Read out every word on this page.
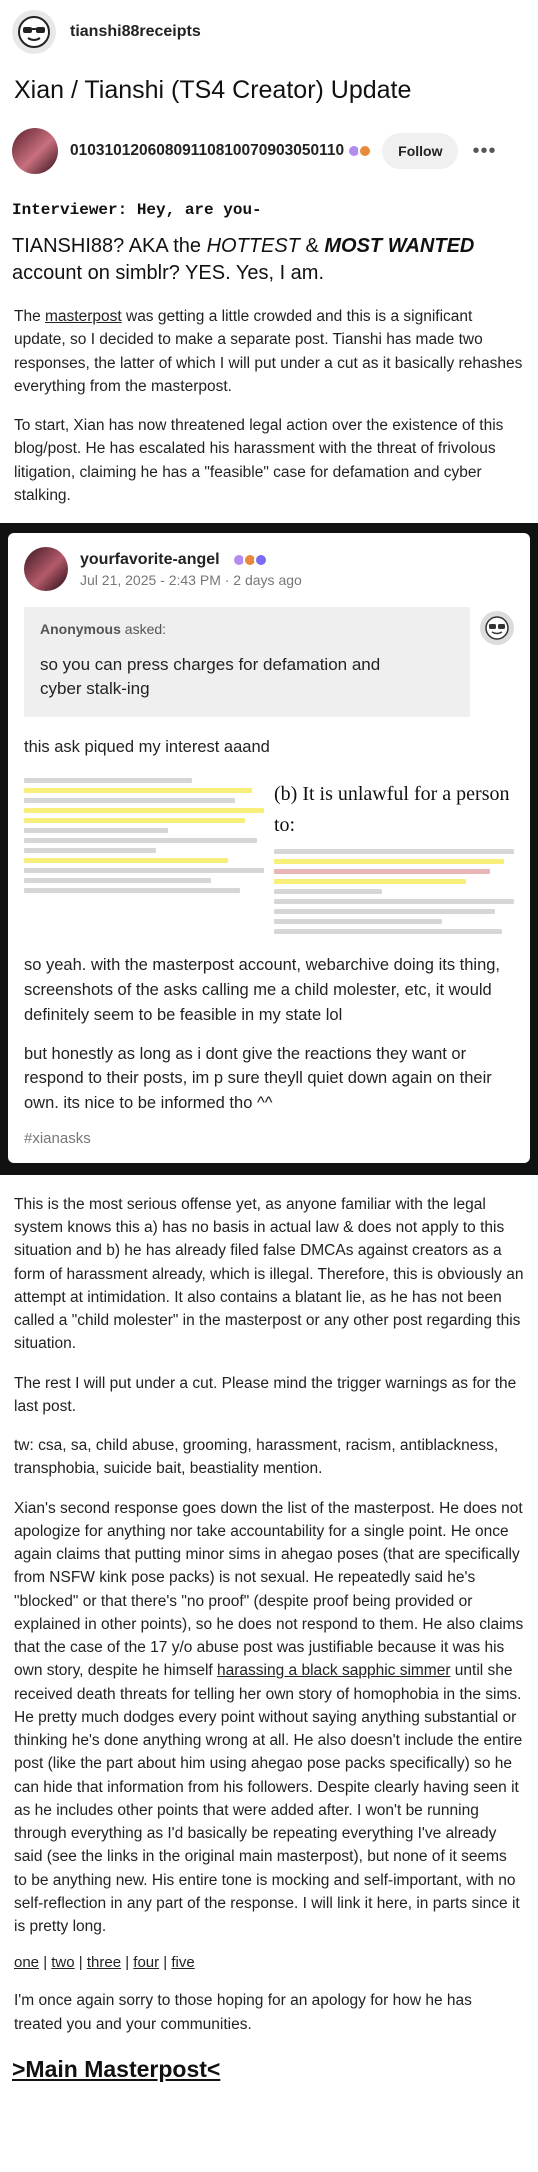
tianshi88receipts
Xian / Tianshi (TS4 Creator) Update
01031012060809110810070903050110	Follow	•••
Interviewer: Hey, are you-
TIANSHI88? AKA the HOTTEST & MOST WANTED account on simblr? YES. Yes, I am.

The masterpost was getting a little crowded and this is a significant update, so I decided to make a separate post. Tianshi has made two responses, the latter of which I will put under a cut as it basically rehashes everything from the masterpost.

To start, Xian has now threatened legal action over the existence of this blog/post. He has escalated his harassment with the threat of frivolous litigation, claiming he has a "feasible" case for defamation and cyber stalking.

yourfavorite-angel
Jul 21, 2025 - 2:43 PM · 2 days ago
Anonymous asked:
so you can press charges for defamation and cyber stalk-ing

this ask piqued my interest aaand

(b) It is unlawful for a person to:

so yeah. with the masterpost account, webarchive doing its thing, screenshots of the asks calling me a child molester, etc, it would definitely seem to be feasible in my state lol

but honestly as long as i dont give the reactions they want or respond to their posts, im p sure theyll quiet down again on their own. its nice to be informed tho ^^

#xianasks

This is the most serious offense yet, as anyone familiar with the legal system knows this a) has no basis in actual law & does not apply to this situation and b) he has already filed false DMCAs against creators as a form of harassment already, which is illegal. Therefore, this is obviously an attempt at intimidation. It also contains a blatant lie, as he has not been called a "child molester" in the masterpost or any other post regarding this situation.

The rest I will put under a cut. Please mind the trigger warnings as for the last post.

tw: csa, sa, child abuse, grooming, harassment, racism, antiblackness, transphobia, suicide bait, beastiality mention.

Xian's second response goes down the list of the masterpost. He does not apologize for anything nor take accountability for a single point. He once again claims that putting minor sims in ahegao poses (that are specifically from NSFW kink pose packs) is not sexual. He repeatedly said he's "blocked" or that there's "no proof" (despite proof being provided or explained in other points), so he does not respond to them. He also claims that the case of the 17 y/o abuse post was justifiable because it was his own story, despite he himself harassing a black sapphic simmer until she received death threats for telling her own story of homophobia in the sims. He pretty much dodges every point without saying anything substantial or thinking he's done anything wrong at all. He also doesn't include the entire post (like the part about him using ahegao pose packs specifically) so he can hide that information from his followers. Despite clearly having seen it as he includes other points that were added after. I won't be running through everything as I'd basically be repeating everything I've already said (see the links in the original main masterpost), but none of it seems to be anything new. His entire tone is mocking and self-important, with no self-reflection in any part of the response. I will link it here, in parts since it is pretty long.

one | two | three | four | five

I'm once again sorry to those hoping for an apology for how he has treated you and your communities.

>Main Masterpost<
